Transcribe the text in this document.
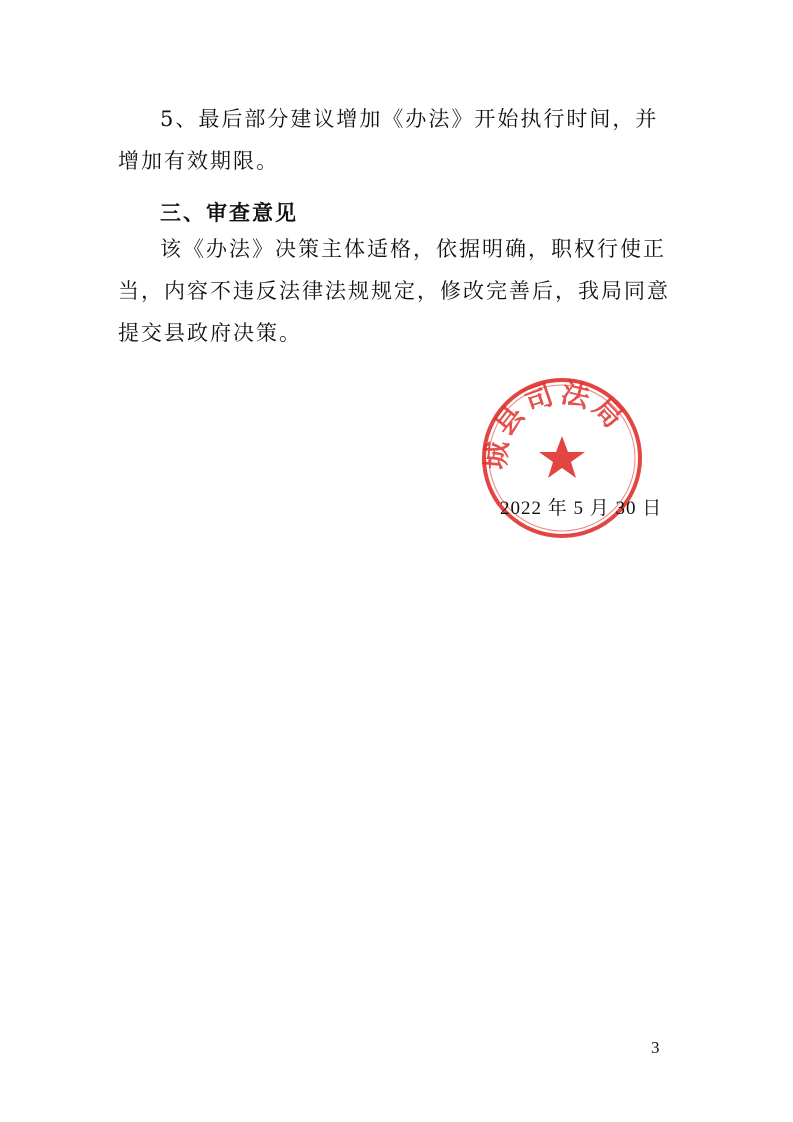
5、最后部分建议增加《办法》开始执行时间，并增加有效期限。

三、审查意见

该《办法》决策主体适格，依据明确，职权行使正当，内容不违反法律法规规定，修改完善后，我局同意提交县政府决策。

城县司法局
2022 年 5 月 30 日
3
